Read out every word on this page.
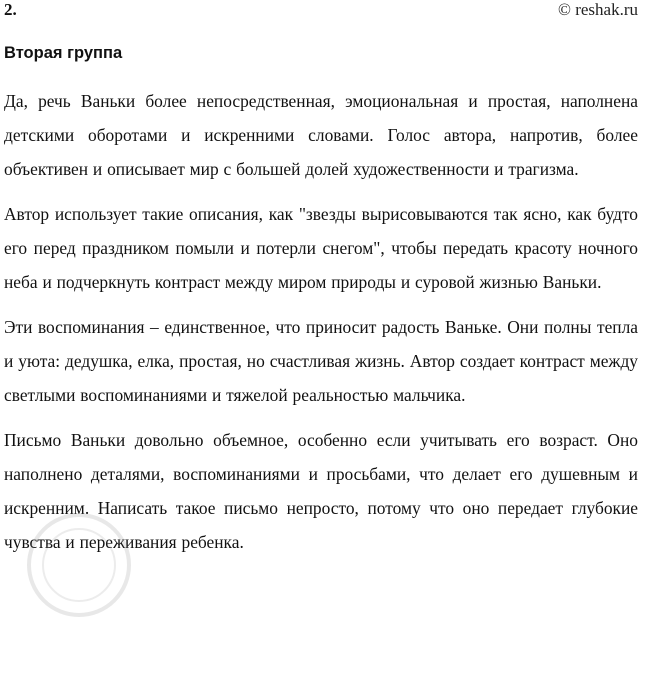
2.	© reshak.ru
Вторая группа

Да, речь Ваньки более непосредственная, эмоциональная и простая, наполнена детскими оборотами и искренними словами. Голос автора, напротив, более объективен и описывает мир с большей долей художественности и трагизма.

Автор использует такие описания, как "звезды вырисовываются так ясно, как будто его перед праздником помыли и потерли снегом", чтобы передать красоту ночного неба и подчеркнуть контраст между миром природы и суровой жизнью Ваньки.

Эти воспоминания – единственное, что приносит радость Ваньке. Они полны тепла и уюта: дедушка, елка, простая, но счастливая жизнь. Автор создает контраст между светлыми воспоминаниями и тяжелой реальностью мальчика.

Письмо Ваньки довольно объемное, особенно если учитывать его возраст. Оно наполнено деталями, воспоминаниями и просьбами, что делает его душевным и искренним. Написать такое письмо непросто, потому что оно передает глубокие чувства и переживания ребенка.
